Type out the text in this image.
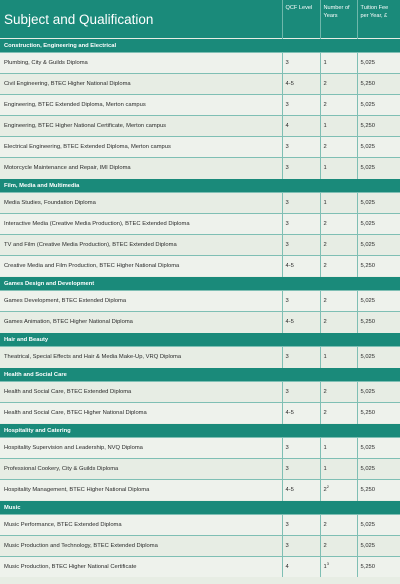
Subject and Qualification	QCF Level	Number of Years	Tuition Fee per Year, £
Construction, Engineering and Electrical			
Plumbing, City & Guilds Diploma	3	1	5,025
Civil Engineering, BTEC Higher National Diploma	4-5	2	5,250
Engineering, BTEC Extended Diploma, Merton campus	3	2	5,025
Engineering, BTEC Higher National Certificate, Merton campus	4	1	5,250
Electrical Engineering, BTEC Extended Diploma, Merton campus	3	2	5,025
Motorcycle Maintenance and Repair, IMI Diploma	3	1	5,025
Film, Media and Multimedia			
Media Studies, Foundation Diploma	3	1	5,025
Interactive Media (Creative Media Production), BTEC Extended Diploma	3	2	5,025
TV and Film (Creative Media Production), BTEC Extended Diploma	3	2	5,025
Creative Media and Film Production, BTEC Higher National Diploma	4-5	2	5,250
Games Design and Development			
Games Development, BTEC Extended Diploma	3	2	5,025
Games Animation, BTEC Higher National Diploma	4-5	2	5,250
Hair and Beauty			
Theatrical, Special Effects and Hair & Media Make-Up, VRQ Diploma	3	1	5,025
Health and Social Care			
Health and Social Care, BTEC Extended Diploma	3	2	5,025
Health and Social Care, BTEC Higher National Diploma	4-5	2	5,250
Hospitality and Catering			
Hospitality Supervision and Leadership, NVQ Diploma	3	1	5,025
Professional Cookery, City & Guilds Diploma	3	1	5,025
Hospitality Management, BTEC Higher National Diploma	4-5	$2^2$	5,250
Music			
Music Performance, BTEC Extended Diploma	3	2	5,025
Music Production and Technology, BTEC Extended Diploma	3	2	5,025
Music Production, BTEC Higher National Certificate	4	$1^3$	5,250
